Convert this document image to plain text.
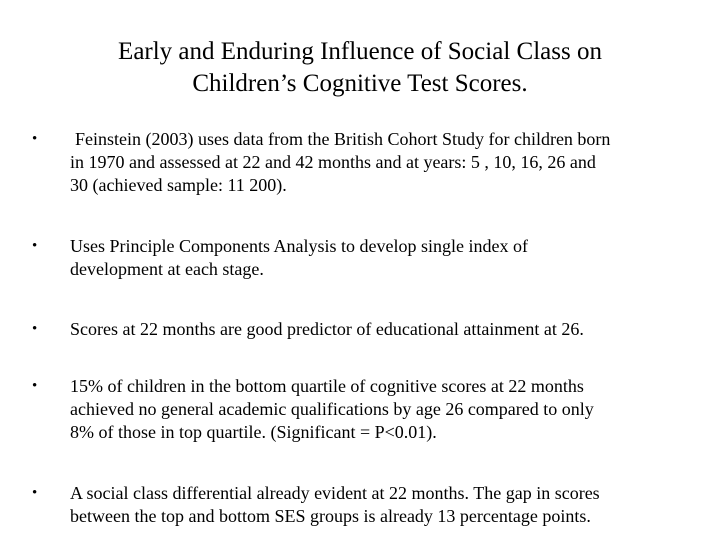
Early and Enduring Influence of Social Class on
Children’s Cognitive Test Scores.
•	Feinstein (2003) uses data from the British Cohort Study for children born
in 1970 and assessed at 22 and 42 months and at years: 5 , 10, 16, 26 and
30 (achieved sample: 11 200).
•	Uses Principle Components Analysis to develop single index of
development at each stage.
•	Scores at 22 months are good predictor of educational attainment at 26.
•	15% of children in the bottom quartile of cognitive scores at 22 months
achieved no general academic qualifications by age 26 compared to only
8% of those in top quartile. (Significant = P<0.01).
•	A social class differential already evident at 22 months. The gap in scores
between the top and bottom SES groups is already 13 percentage points.
